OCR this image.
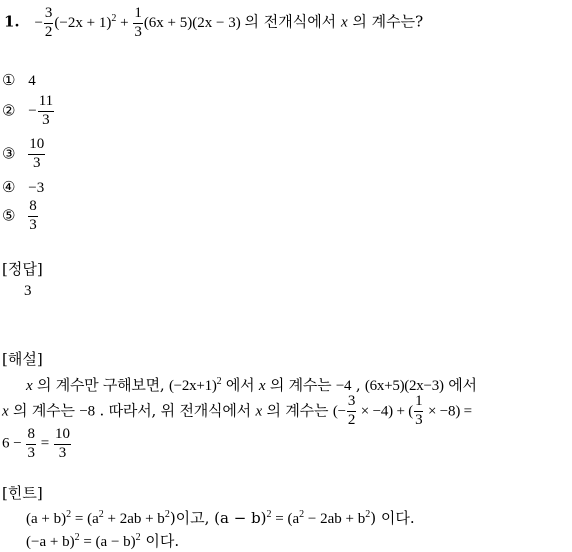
1. − $\frac{3}{2} (-2x + 1)^2 + \frac{1}{3} (6x + 5)(2x - 3)$ 의 전개식에서 x 의 계수는?
① 4
② − $\frac{11}{3}$
③ $\frac{10}{3}$
④ −3
⑤ $\frac{8}{3}$
[정답]
3
[해설]
x 의 계수만 구해보면, $(-2x+1)^2$ 에서 x 의 계수는 −4 , (6x+5)(2x−3) 에서
x 의 계수는 −8 . 따라서, 위 전개식에서 x 의 계수는 (− $\frac{3}{2} \times -4$) + ( $\frac{1}{3} \times -8$) =
$6 - \frac{8}{3} = \frac{10}{3}$
[힌트]
$(a + b)^2 = (a^2 + 2ab + b^2)$이고, $(a - b)^2 = (a^2 - 2ab + b^2)$ 이다.
$(-a + b)^2 = (a - b)^2$ 이다.
